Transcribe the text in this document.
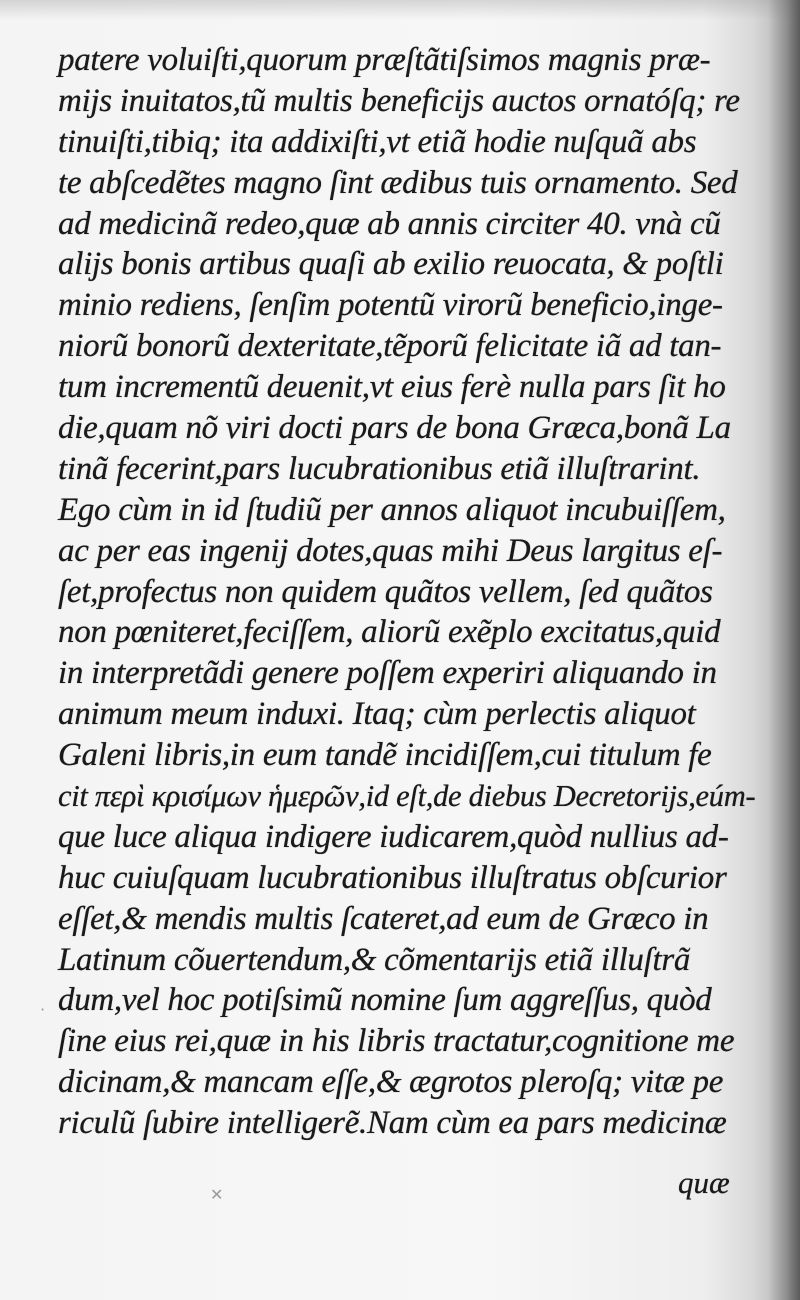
patere voluiſti,quorum præſtãtiſsimos magnis præ-
mijs inuitatos,tũ multis beneficijs auctos ornatóſq; re
tinuiſti,tibiq; ita addixiſti,vt etiã hodie nuſquã abs
te abſcedẽtes magno ſint ædibus tuis ornamento. Sed
ad medicinã redeo,quæ ab annis circiter 40. vnà cũ
alijs bonis artibus quaſi ab exilio reuocata, & poſtli
minio rediens, ſenſim potentũ virorũ beneficio,inge-
niorũ bonorũ dexteritate,tẽporũ felicitate iã ad tan-
tum incrementũ deuenit,vt eius ferè nulla pars ſit ho
die,quam nõ viri docti pars de bona Græca,bonã La
tinã fecerint,pars lucubrationibus etiã illuſtrarint.
Ego cùm in id ſtudiũ per annos aliquot incubuiſſem,
ac per eas ingenij dotes,quas mihi Deus largitus eſ-
ſet,profectus non quidem quãtos vellem, ſed quãtos
non pœniteret,feciſſem, aliorũ exẽplo excitatus,quid
in interpretãdi genere poſſem experiri aliquando in
animum meum induxi. Itaq; cùm perlectis aliquot
Galeni libris,in eum tandẽ incidiſſem,cui titulum fe
cit περὶ κρισίμων ἡμερῶν,id eſt,de diebus Decretorijs,eúm-
que luce aliqua indigere iudicarem,quòd nullius ad-
huc cuiuſquam lucubrationibus illuſtratus obſcurior
eſſet,& mendis multis ſcateret,ad eum de Græco in
Latinum cõuertendum,& cõmentarijs etiã illuſtrã
dum,vel hoc potiſsimũ nomine ſum aggreſſus, quòd
ſine eius rei,quæ in his libris tractatur,cognitione me
dicinam,& mancam eſſe,& ægrotos pleroſq; vitæ pe
riculũ ſubire intelligerẽ.Nam cùm ea pars medicinæ
quæ
·
✕
